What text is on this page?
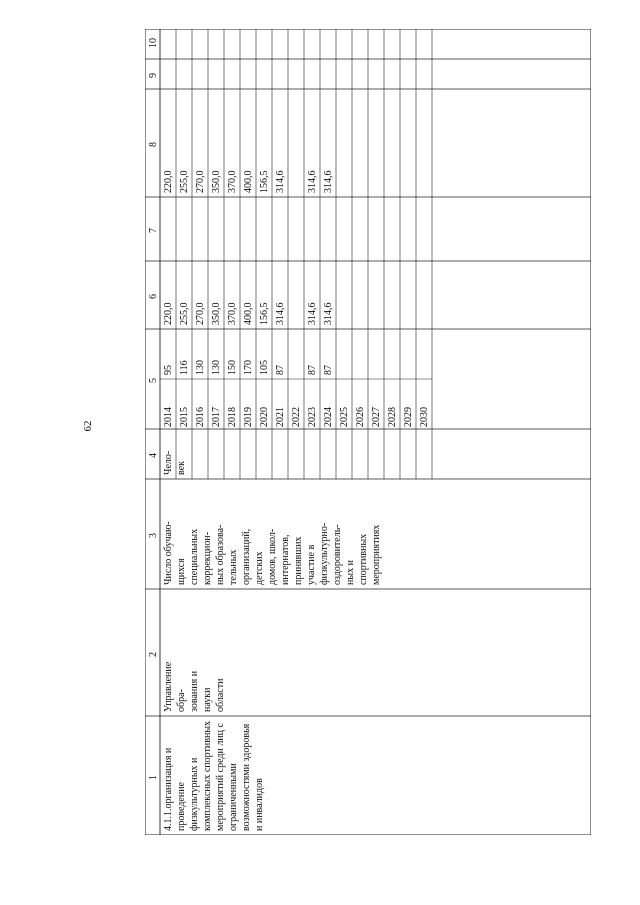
62
1
2
3
4
5
6
7
8
9
10
4.1.1.организация и проведение физкультурных и комплексных спортивных мероприятий среди лиц с ограниченными возможностями здоровья и инвалидов
Управление обра- зования и науки области
Число обучаю- щихся специальных коррекцион- ных образова- тельных организаций, детских домов, школ- интернатов, принявших участие в физкультурно- оздоровитель- ных и спортивных мероприятиях
Чело- век
2014
95
220,0
220,0
2015
116
255,0
255,0
2016
130
270,0
270,0
2017
130
350,0
350,0
2018
150
370,0
370,0
2019
170
400,0
400,0
2020
105
156,5
156,5
2021
87
314,6
314,6
2022 2023
87
314,6
314,6
2024
87
314,6
314,6
2025 2026 2027 2028 2029 2030
